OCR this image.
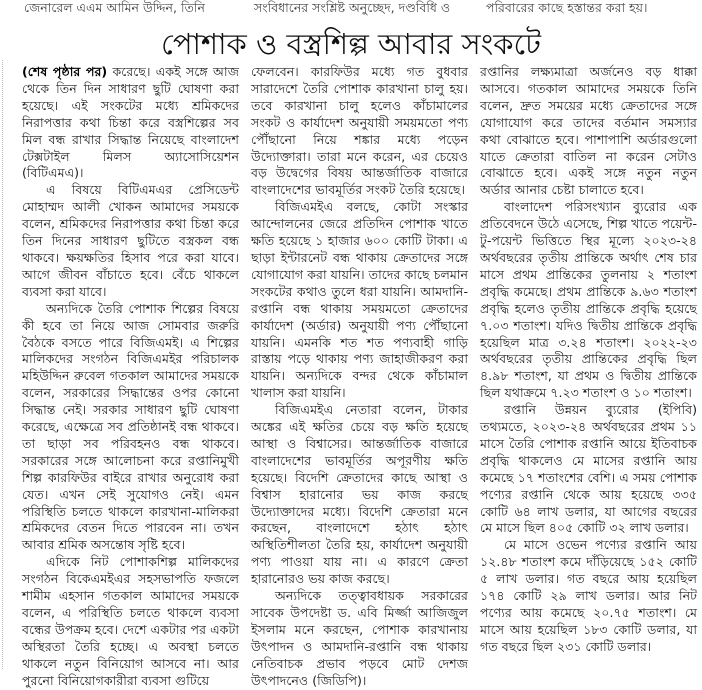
জেনারেল এএম আমিন উদ্দিন, তিনি	সংবিধানের সংশ্লিষ্ট অনুচ্ছেদ, দণ্ডবিধি ও	পরিবারের কাছে হস্তান্তর করা হয়।
পোশাক ও বস্ত্রশিল্প আবার সংকটে

(শেষ পৃষ্ঠার পর) করেছে। একই সঙ্গে আজ থেকে তিন দিন সাধারণ ছুটি ঘোষণা করা হয়েছে। এই সংকটের মধ্যে শ্রমিকদের নিরাপত্তার কথা চিন্তা করে বস্ত্রশিল্পের সব মিল বন্ধ রাখার সিদ্ধান্ত নিয়েছে বাংলাদেশ টেক্সটাইল মিলস অ্যাসোসিয়েশন (বিটিএমএ)।

এ বিষয়ে বিটিএমএর প্রেসিডেন্ট মোহাম্মদ আলী খোকন আমাদের সময়কে বলেন, শ্রমিকদের নিরাপত্তার কথা চিন্তা করে তিন দিনের সাধারণ ছুটিতে বস্ত্রকল বন্ধ থাকবে। ক্ষয়ক্ষতির হিসাব পরে করা যাবে। আগে জীবন বাঁচাতে হবে। বেঁচে থাকলে ব্যবসা করা যাবে।

অন্যদিকে তৈরি পোশাক শিল্পের বিষয়ে কী হবে তা নিয়ে আজ সোমবার জরুরি বৈঠকে বসতে পারে বিজিএমই। এ শিল্পের মালিকদের সংগঠন বিজিএমইর পরিচালক মহিউদ্দিন রুবেল গতকাল আমাদের সময়কে বলেন, সরকারের সিদ্ধান্তের ওপর কোনো সিদ্ধান্ত নেই। সরকার সাধারণ ছুটি ঘোষণা করেছে, এক্ষেত্রে সব প্রতিষ্ঠানই বন্ধ থাকবে। তা ছাড়া সব পরিবহনও বন্ধ থাকবে। সরকারের সঙ্গে আলোচনা করে রপ্তানিমুখী শিল্প কারফিউর বাইরে রাখার অনুরোধ করা যেত। এখন সেই সুযোগও নেই। এমন পরিস্থিতি চলতে থাকলে কারখানা-মালিকরা শ্রমিকদের বেতন দিতে পারবেন না। তখন আবার শ্রমিক অসন্তোষ সৃষ্টি হবে।

এদিকে নিট পোশাকশিল্প মালিকদের সংগঠন বিকেএমইএর সহসভাপতি ফজলে শামীম এহসান গতকাল আমাদের সময়কে বলেন, এ পরিস্থিতি চলতে থাকলে ব্যবসা বন্ধের উপক্রম হবে। দেশে একটার পর একটা অস্থিরতা তৈরি হচ্ছে। এ অবস্থা চলতে থাকলে নতুন বিনিয়োগ আসবে না। আর পুরনো বিনিয়োগকারীরা ব্যবসা গুটিয়ে

ফেলবেন। কারফিউর মধ্যে গত বুধবার সারাদেশে তৈরি পোশাক কারখানা চালু হয়। তবে কারখানা চালু হলেও কাঁচামালের সংকট ও কার্যাদেশ অনুযায়ী সময়মতো পণ্য পৌঁছানো নিয়ে শঙ্কার মধ্যে পড়েন উদ্যোক্তারা। তারা মনে করেন, এর চেয়েও বড় উদ্বেগের বিষয় আন্তর্জাতিক বাজারে বাংলাদেশের ভাবমূর্তির সংকট তৈরি হয়েছে।

বিজিএমইএ বলছে, কোটা সংস্কার আন্দোলনের জেরে প্রতিদিন পোশাক খাতে ক্ষতি হয়েছে ১ হাজার ৬০০ কোটি টাকা। এ ছাড়া ইন্টারনেট বন্ধ থাকায় ক্রেতাদের সঙ্গে যোগাযোগ করা যায়নি। তাদের কাছে চলমান সংকটের কথাও তুলে ধরা যায়নি। আমদানি-রপ্তানি বন্ধ থাকায় সময়মতো ক্রেতাদের কার্যাদেশ (অর্ডার) অনুযায়ী পণ্য পৌঁছানো যায়নি। এমনকি শত শত পণ্যবাহী গাড়ি রাস্তায় পড়ে থাকায় পণ্য জাহাজীকরণ করা যায়নি। অন্যদিকে বন্দর থেকে কাঁচামাল খালাস করা যায়নি।

বিজিএমইএ নেতারা বলেন, টাকার অঙ্কের এই ক্ষতির চেয়ে বড় ক্ষতি হয়েছে আস্থা ও বিশ্বাসের। আন্তর্জাতিক বাজারে বাংলাদেশের ভাবমূর্তির অপূরণীয় ক্ষতি হয়েছে। বিদেশি ক্রেতাদের কাছে আস্থা ও বিশ্বাস হারানোর ভয় কাজ করছে উদ্যোক্তাদের মধ্যে। বিদেশি ক্রেতারা মনে করছেন, বাংলাদেশে হঠাৎ হঠাৎ অস্থিতিশীলতা তৈরি হয়, কার্যাদেশ অনুযায়ী পণ্য পাওয়া যায় না। এ কারণে ক্রেতা হারানোরও ভয় কাজ করছে।

অন্যদিকে তত্ত্বাবধায়ক সরকারের সাবেক উপদেষ্টা ড. এবি মির্জ্জা আজিজুল ইসলাম মনে করছেন, পোশাক কারখানায় উৎপাদন ও আমদানি-রপ্তানি বন্ধ থাকায় নেতিবাচক প্রভাব পড়বে মোট দেশজ উৎপাদনেও (জিডিপি)।

রপ্তানির লক্ষ্যমাত্রা অর্জনেও বড় ধাক্কা আসবে। গতকাল আমাদের সময়কে তিনি বলেন, দ্রুত সময়ের মধ্যে ক্রেতাদের সঙ্গে যোগাযোগ করে তাদের বর্তমান সমস্যার কথা বোঝাতে হবে। পাশাপাশি অর্ডারগুলো যাতে ক্রেতারা বাতিল না করেন সেটাও বোঝাতে হবে। একই সঙ্গে নতুন নতুন অর্ডার আনার চেষ্টা চালাতে হবে।

বাংলাদেশ পরিসংখ্যান ব্যুরোর এক প্রতিবেদনে উঠে এসেছে, শিল্প খাতে পয়েন্ট-টু-পয়েন্ট ভিত্তিতে স্থির মূল্যে ২০২৩-২৪ অর্থবছরের তৃতীয় প্রান্তিকে অর্থাৎ শেষ চার মাসে প্রথম প্রান্তিকের তুলনায় ২ শতাংশ প্রবৃদ্ধি কমেছে। প্রথম প্রান্তিকে ৯.৬৩ শতাংশ প্রবৃদ্ধি হলেও তৃতীয় প্রান্তিকে প্রবৃদ্ধি হয়েছে ৭.০৩ শতাংশ। যদিও দ্বিতীয় প্রান্তিকে প্রবৃদ্ধি হয়েছিল মাত্র ৩.২৪ শতাংশ। ২০২২-২৩ অর্থবছরের তৃতীয় প্রান্তিকের প্রবৃদ্ধি ছিল ৪.৯৮ শতাংশ, যা প্রথম ও দ্বিতীয় প্রান্তিকে ছিল যথাক্রমে ৭.২৩ শতাংশ ও ১০ শতাংশ।

রপ্তানি উন্নয়ন ব্যুরোর (ইপিবি) তথ্যমতে, ২০২৩-২৪ অর্থবছরের প্রথম ১১ মাসে তৈরি পোশাক রপ্তানি আয়ে ইতিবাচক প্রবৃদ্ধি থাকলেও মে মাসের রপ্তানি আয় কমেছে ১৭ শতাংশের বেশি। এ সময় পোশাক পণ্যের রপ্তানি থেকে আয় হয়েছে ৩৩৫ কোটি ৬৪ লাখ ডলার, যা আগের বছরের মে মাসে ছিল ৪০৫ কোটি ৩২ লাখ ডলার।

মে মাসে ওভেন পণ্যের রপ্তানি আয় ১২.৪৮ শতাংশ কমে দাঁড়িয়েছে ১৫২ কোটি ৫ লাখ ডলার। গত বছরে আয় হয়েছিল ১৭৪ কোটি ২৯ লাখ ডলার। আর নিট পণ্যের আয় কমেছে ২০.৭৫ শতাংশ। মে মাসে আয় হয়েছিল ১৮৩ কোটি ডলার, যা গত বছরে ছিল ২৩১ কোটি ডলার।
